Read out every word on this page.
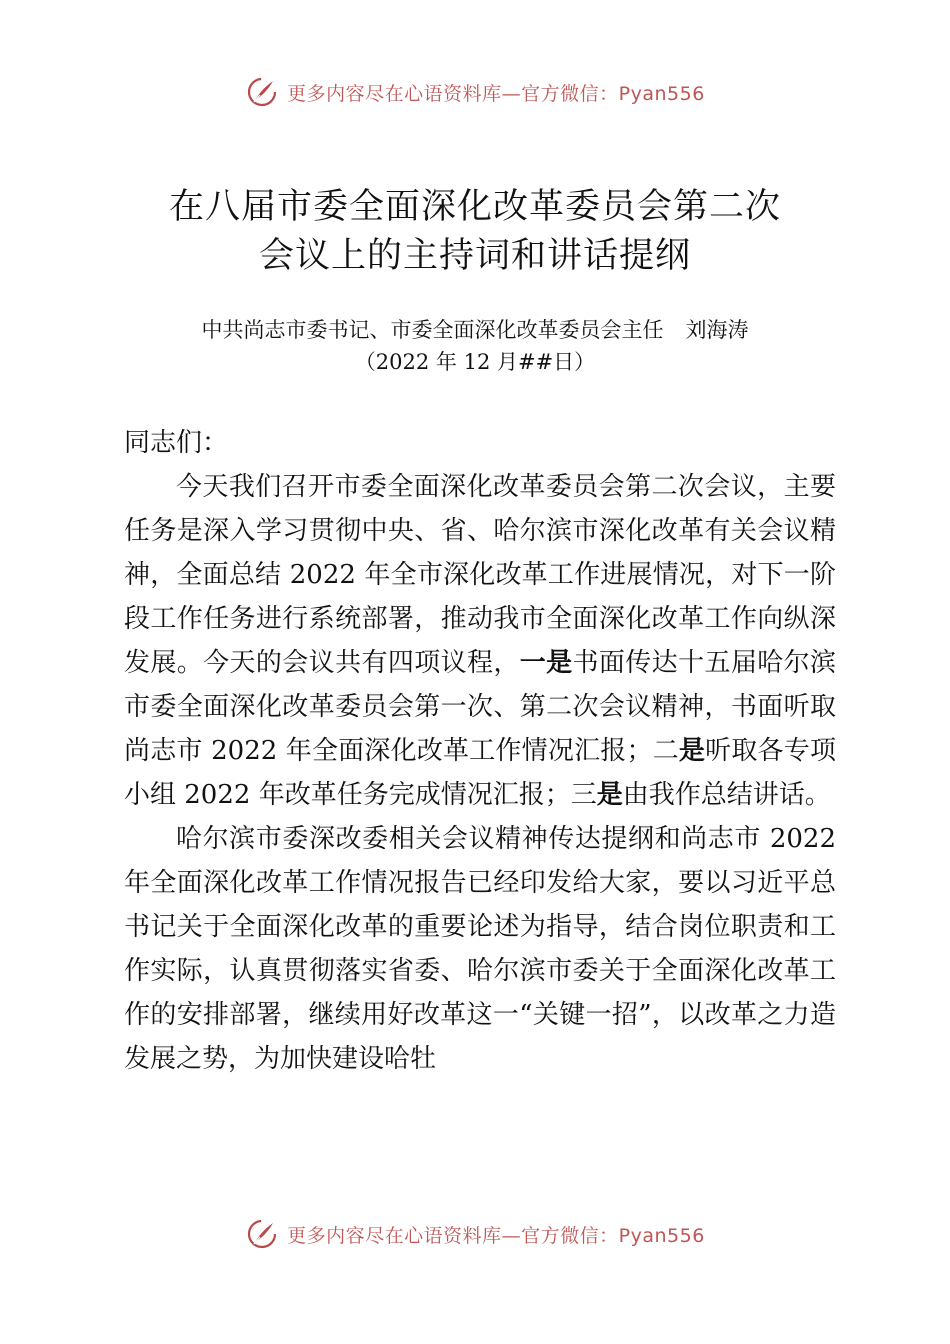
更多内容尽在心语资料库—官方微信：Pyan556
在八届市委全面深化改革委员会第二次
会议上的主持词和讲话提纲
中共尚志市委书记、市委全面深化改革委员会主任 刘海涛
（2022 年 12 月##日）
同志们：

今天我们召开市委全面深化改革委员会第二次会议，主要任务是深入学习贯彻中央、省、哈尔滨市深化改革有关会议精神，全面总结 2022 年全市深化改革工作进展情况，对下一阶段工作任务进行系统部署，推动我市全面深化改革工作向纵深发展。今天的会议共有四项议程，一是书面传达十五届哈尔滨市委全面深化改革委员会第一次、第二次会议精神，书面听取尚志市 2022 年全面深化改革工作情况汇报；二是听取各专项小组 2022 年改革任务完成情况汇报；三是由我作总结讲话。

哈尔滨市委深改委相关会议精神传达提纲和尚志市 2022 年全面深化改革工作情况报告已经印发给大家，要以习近平总书记关于全面深化改革的重要论述为指导，结合岗位职责和工作实际，认真贯彻落实省委、哈尔滨市委关于全面深化改革工作的安排部署，继续用好改革这一“关键一招”，以改革之力造发展之势，为加快建设哈牡

更多内容尽在心语资料库—官方微信：Pyan556
